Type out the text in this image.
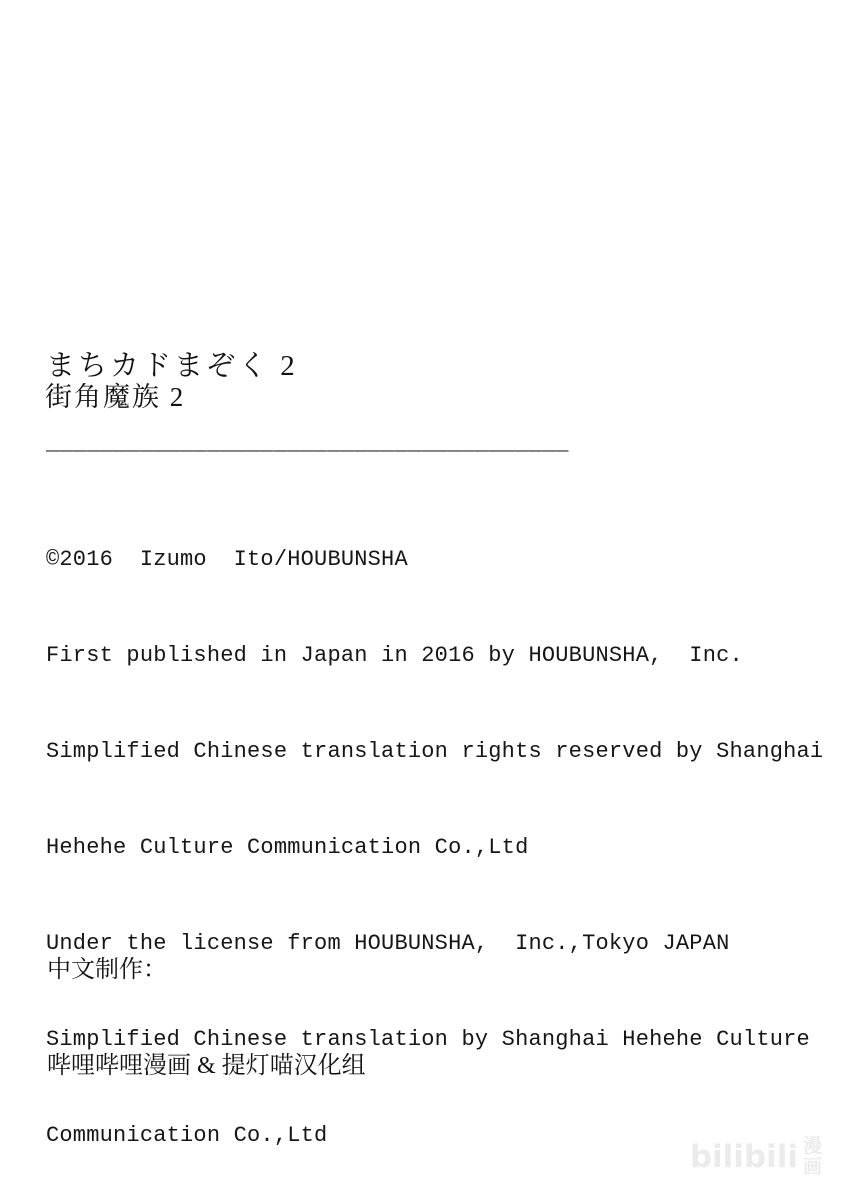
まちカドまぞく 2
街角魔族 2
_______________________________________

©2016  Izumo  Ito/HOUBUNSHA

First published in Japan in 2016 by HOUBUNSHA,  Inc.

Simplified Chinese translation rights reserved by Shanghai

Hehehe Culture Communication Co.,Ltd

Under the license from HOUBUNSHA,  Inc.,Tokyo JAPAN

Simplified Chinese translation by Shanghai Hehehe Culture

Communication Co.,Ltd

中文制作：

哔哩哔哩漫画 & 提灯喵汉化组

bilibili 漫
画
